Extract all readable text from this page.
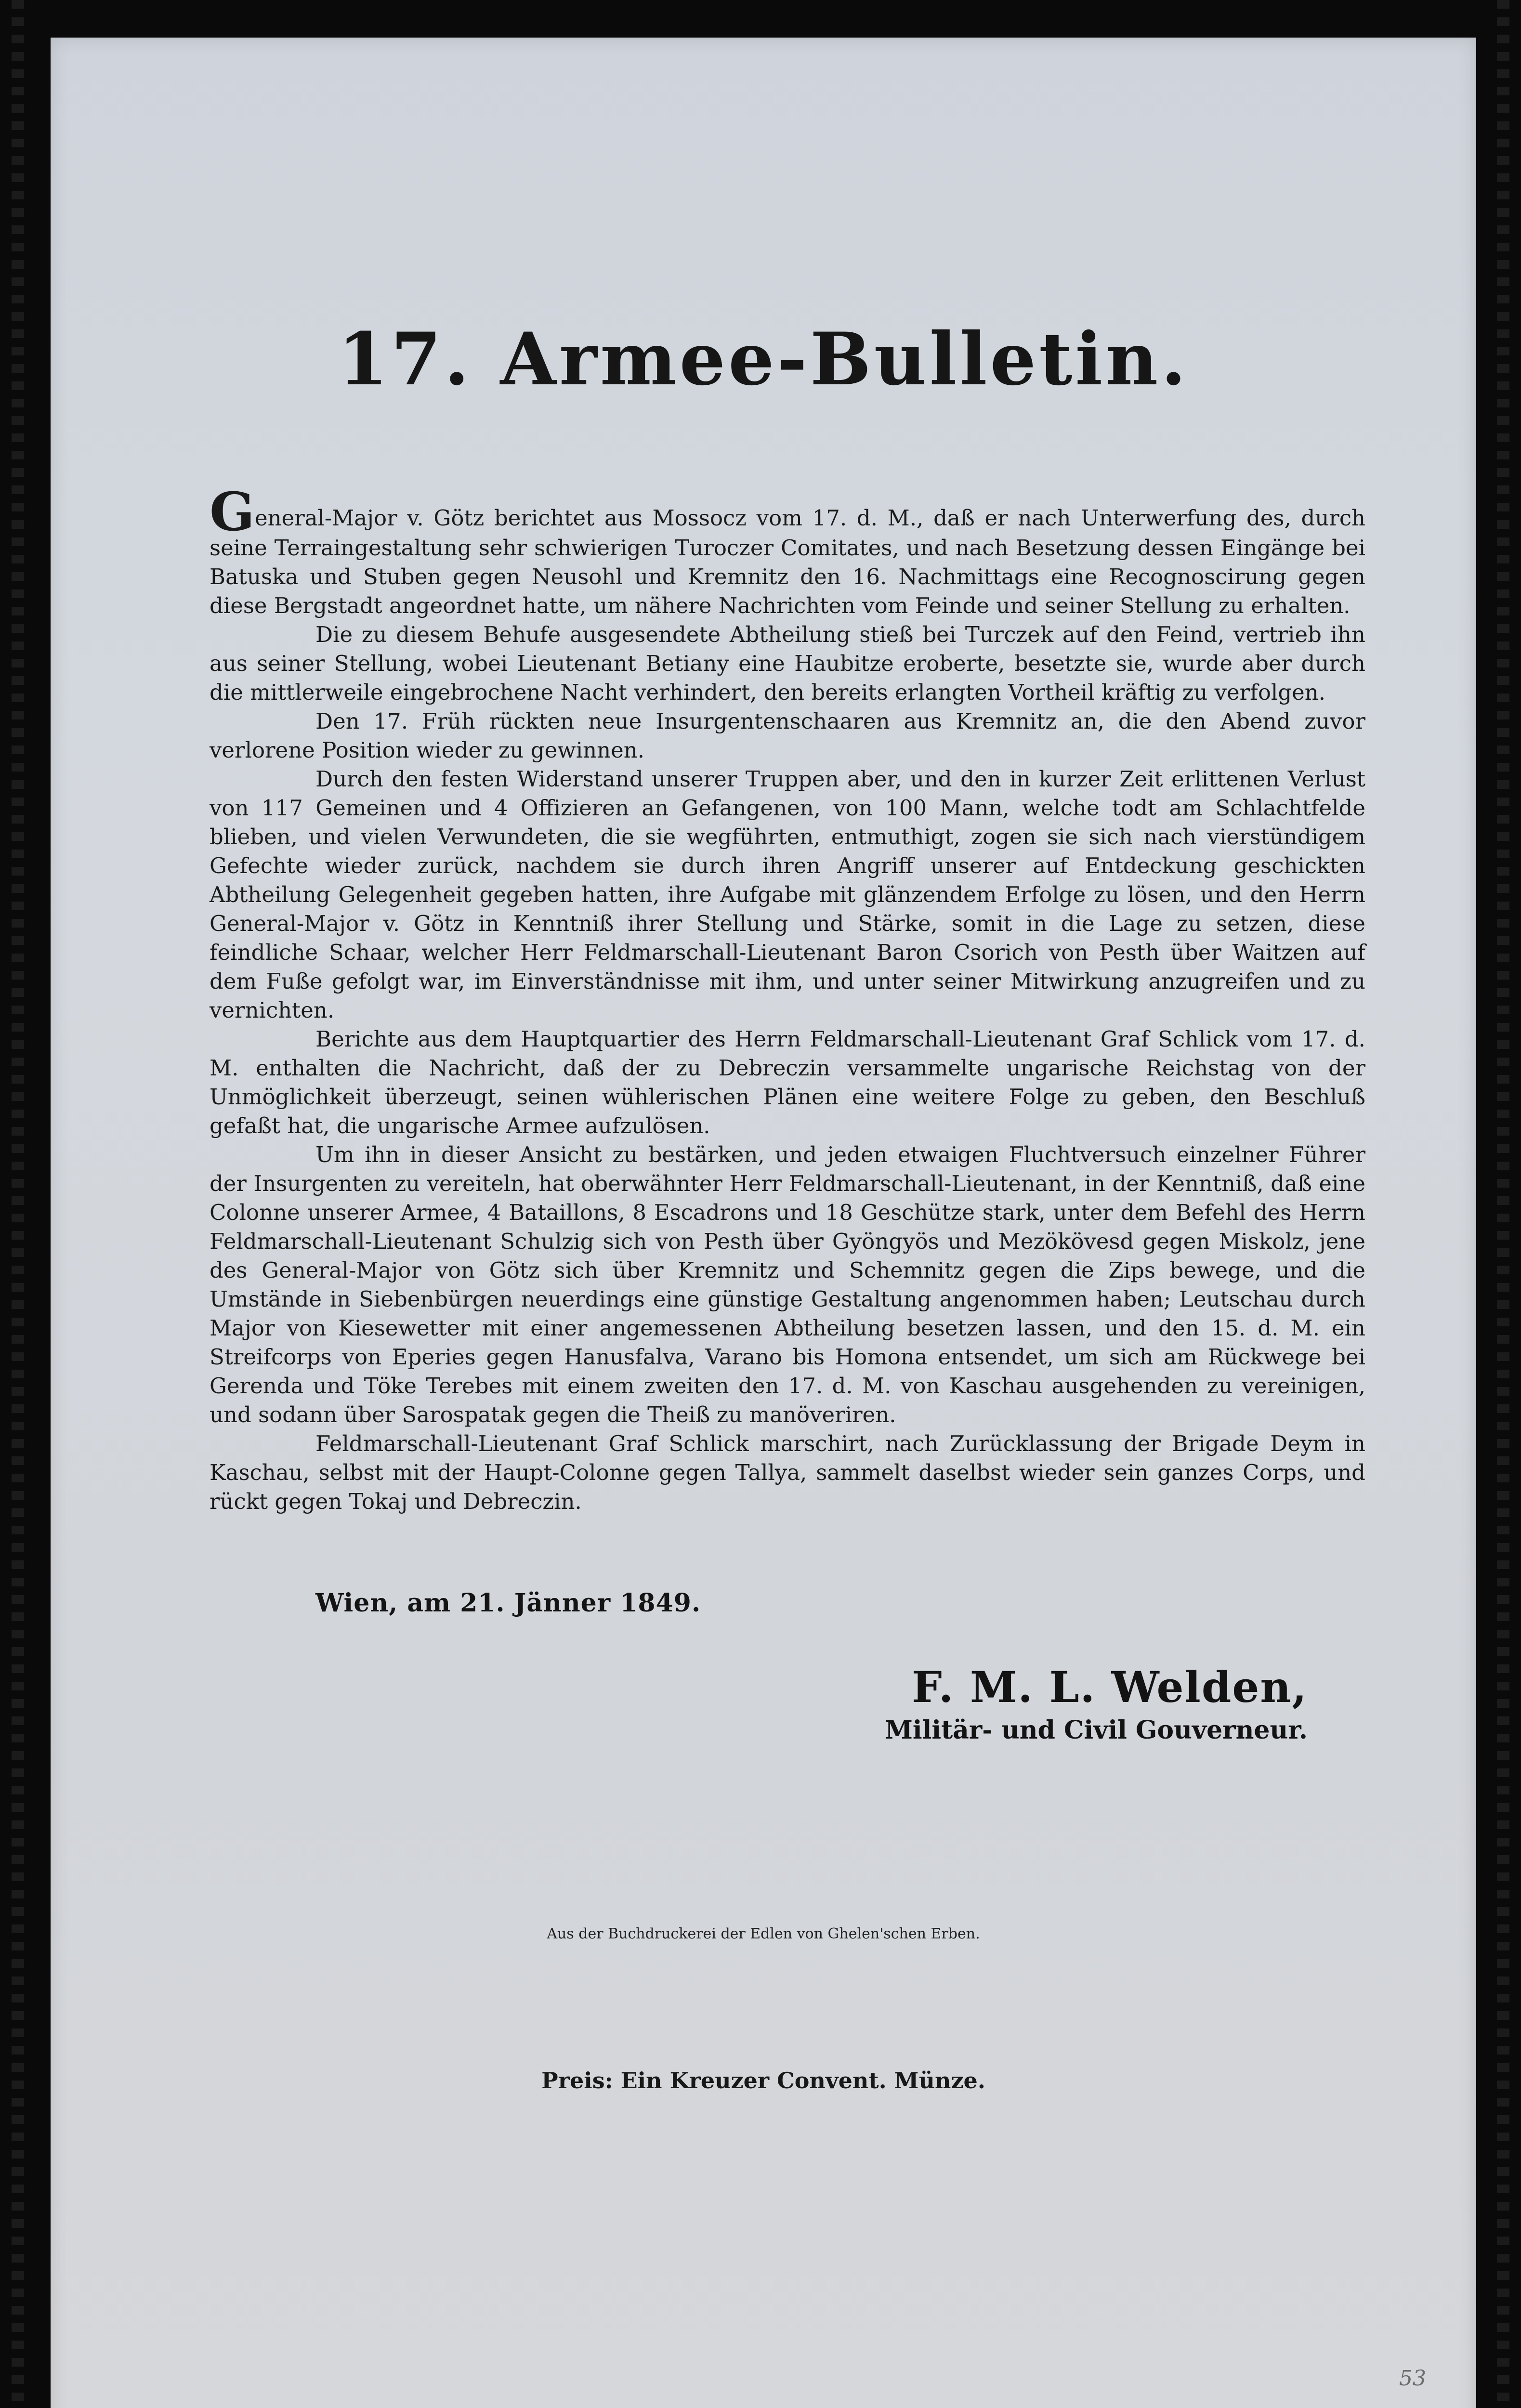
17. Armee-Bulletin.

General-Major v. Götz berichtet aus Mossocz vom 17. d. M., daß er nach Unterwerfung des, durch seine Terraingestaltung sehr schwierigen Turoczer Comitates, und nach Besetzung dessen Eingänge bei Batuska und Stuben gegen Neusohl und Kremnitz den 16. Nachmittags eine Recognoscirung gegen diese Bergstadt angeordnet hatte, um nähere Nachrichten vom Feinde und seiner Stellung zu erhalten.

Die zu diesem Behufe ausgesendete Abtheilung stieß bei Turczek auf den Feind, vertrieb ihn aus seiner Stellung, wobei Lieutenant Betiany eine Haubitze eroberte, besetzte sie, wurde aber durch die mittlerweile eingebrochene Nacht verhindert, den bereits erlangten Vortheil kräftig zu verfolgen.

Den 17. Früh rückten neue Insurgentenschaaren aus Kremnitz an, die den Abend zuvor verlorene Position wieder zu gewinnen.

Durch den festen Widerstand unserer Truppen aber, und den in kurzer Zeit erlittenen Verlust von 117 Gemeinen und 4 Offizieren an Gefangenen, von 100 Mann, welche todt am Schlachtfelde blieben, und vielen Verwundeten, die sie wegführten, entmuthigt, zogen sie sich nach vierstündigem Gefechte wieder zurück, nachdem sie durch ihren Angriff unserer auf Entdeckung geschickten Abtheilung Gelegenheit gegeben hatten, ihre Aufgabe mit glänzendem Erfolge zu lösen, und den Herrn General-Major v. Götz in Kenntniß ihrer Stellung und Stärke, somit in die Lage zu setzen, diese feindliche Schaar, welcher Herr Feldmarschall-Lieutenant Baron Csorich von Pesth über Waitzen auf dem Fuße gefolgt war, im Einverständnisse mit ihm, und unter seiner Mitwirkung anzugreifen und zu vernichten.

Berichte aus dem Hauptquartier des Herrn Feldmarschall-Lieutenant Graf Schlick vom 17. d. M. enthalten die Nachricht, daß der zu Debreczin versammelte ungarische Reichstag von der Unmöglichkeit überzeugt, seinen wühlerischen Plänen eine weitere Folge zu geben, den Beschluß gefaßt hat, die ungarische Armee aufzulösen.

Um ihn in dieser Ansicht zu bestärken, und jeden etwaigen Fluchtversuch einzelner Führer der Insurgenten zu vereiteln, hat oberwähnter Herr Feldmarschall-Lieutenant, in der Kenntniß, daß eine Colonne unserer Armee, 4 Bataillons, 8 Escadrons und 18 Geschütze stark, unter dem Befehl des Herrn Feldmarschall-Lieutenant Schulzig sich von Pesth über Gyöngyös und Mezökövesd gegen Miskolz, jene des General-Major von Götz sich über Kremnitz und Schemnitz gegen die Zips bewege, und die Umstände in Siebenbürgen neuerdings eine günstige Gestaltung angenommen haben; Leutschau durch Major von Kiesewetter mit einer angemessenen Abtheilung besetzen lassen, und den 15. d. M. ein Streifcorps von Eperies gegen Hanusfalva, Varano bis Homona entsendet, um sich am Rückwege bei Gerenda und Töke Terebes mit einem zweiten den 17. d. M. von Kaschau ausgehenden zu vereinigen, und sodann über Sarospatak gegen die Theiß zu manöveriren.

Feldmarschall-Lieutenant Graf Schlick marschirt, nach Zurücklassung der Brigade Deym in Kaschau, selbst mit der Haupt-Colonne gegen Tallya, sammelt daselbst wieder sein ganzes Corps, und rückt gegen Tokaj und Debreczin.

Wien, am 21. Jänner 1849.
F. M. L. Welden,
Militär- und Civil Gouverneur.
Aus der Buchdruckerei der Edlen von Ghelen'schen Erben.
Preis: Ein Kreuzer Convent. Münze.
53
